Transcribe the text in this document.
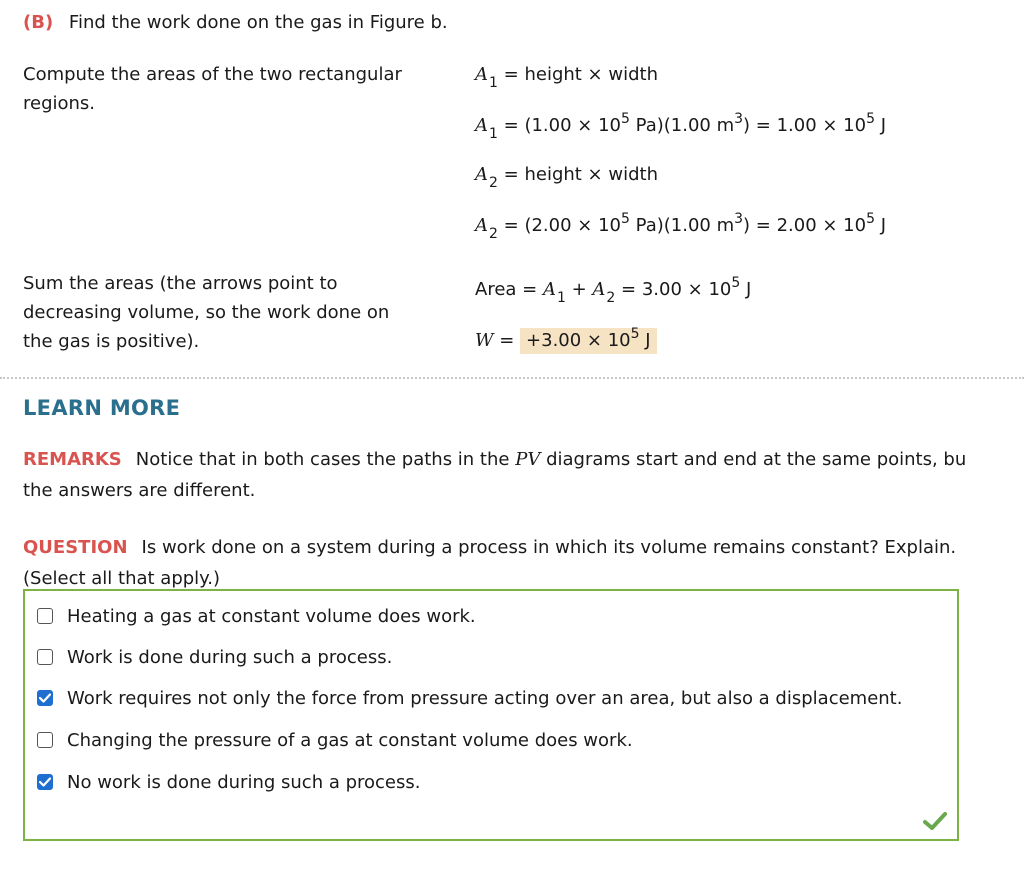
(B) Find the work done on the gas in Figure b.
Compute the areas of the two rectangular regions.
$A_1$ = height × width
$A_1 = (1.00 \times 10^5$ Pa)(1.00 $m^3) = 1.00 \times 10^5$ J
$A_2$ = height × width
$A_2 = (2.00 \times 10^5$ Pa)(1.00 $m^3) = 2.00 \times 10^5$ J
Sum the areas (the arrows point to decreasing volume, so the work done on the gas is positive).
Area = $A_1 + A_2 = 3.00 \times 10^5$ J
$W = +3.00 \times 10^5$ J
LEARN MORE
REMARKS Notice that in both cases the paths in the PV diagrams start and end at the same points, bu
the answers are different.
QUESTION Is work done on a system during a process in which its volume remains constant? Explain.
(Select all that apply.)
Heating a gas at constant volume does work.
Work is done during such a process.
Work requires not only the force from pressure acting over an area, but also a displacement.
Changing the pressure of a gas at constant volume does work.
No work is done during such a process.
